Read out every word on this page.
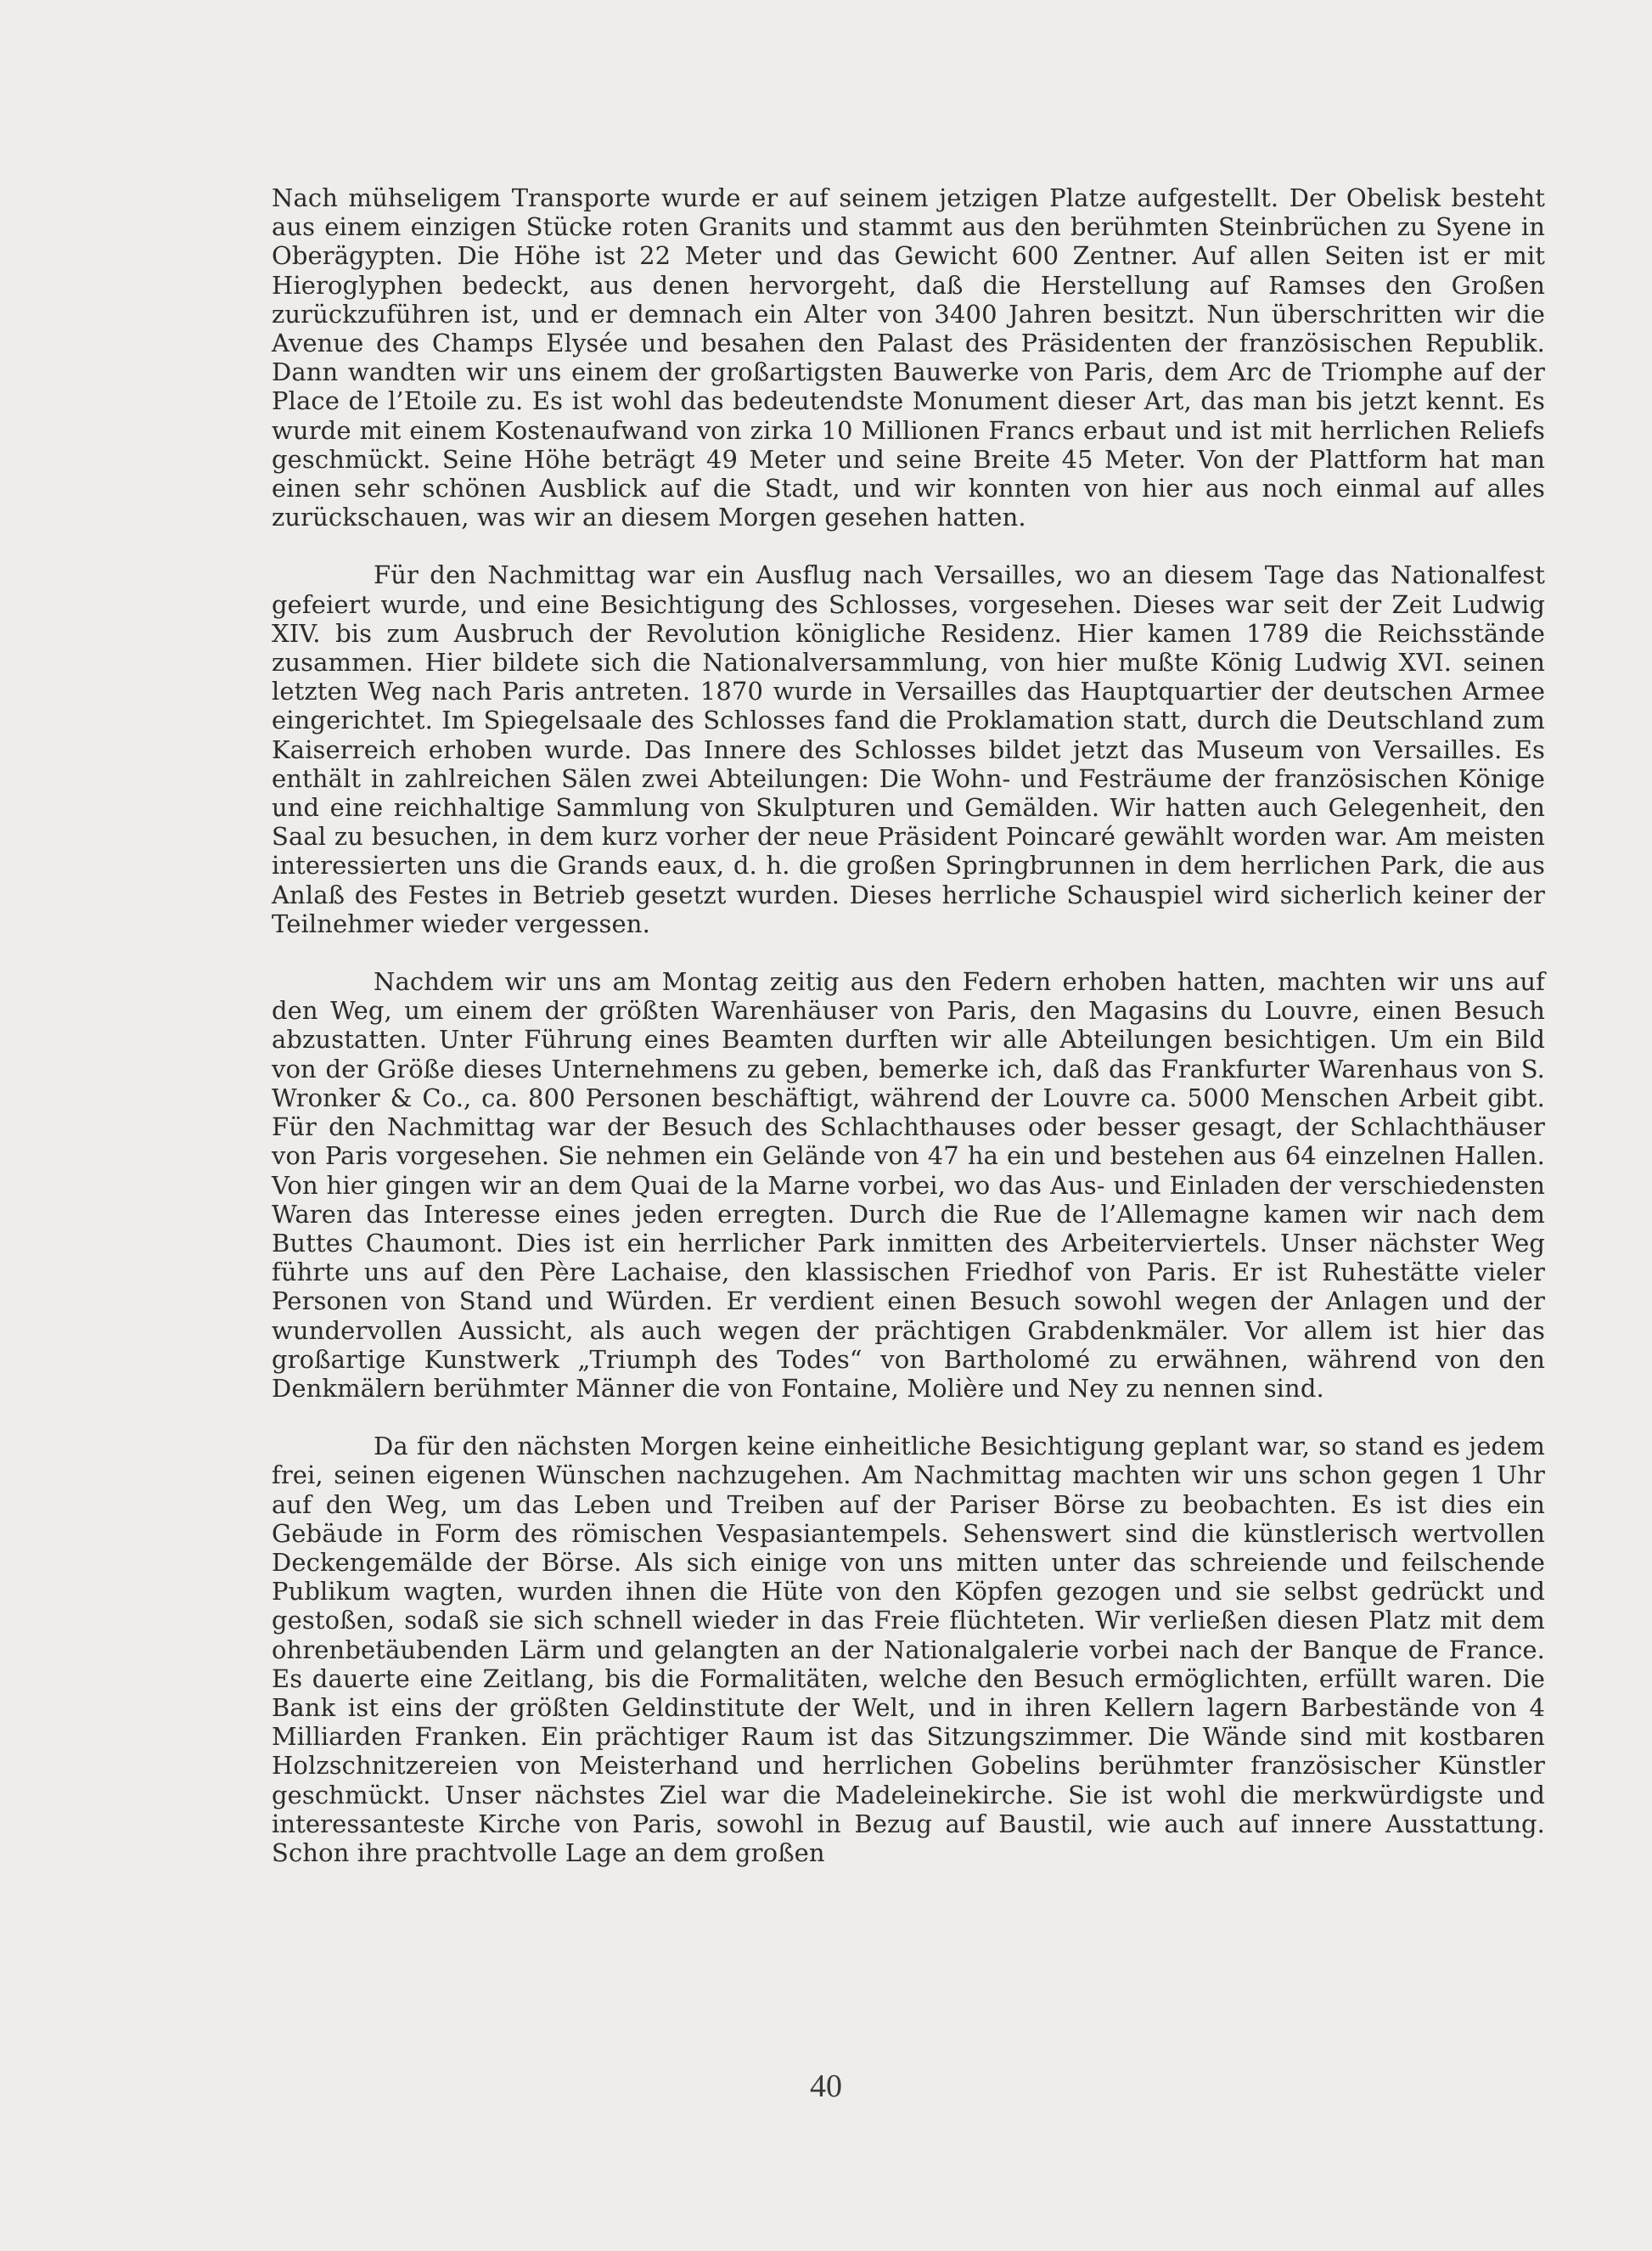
Nach mühseligem Transporte wurde er auf seinem jetzigen Platze aufgestellt. Der Obelisk besteht aus einem einzigen Stücke roten Granits und stammt aus den berühmten Steinbrüchen zu Syene in Oberägypten. Die Höhe ist 22 Meter und das Gewicht 600 Zentner. Auf allen Seiten ist er mit Hieroglyphen bedeckt, aus denen hervorgeht, daß die Herstellung auf Ramses den Großen zurückzuführen ist, und er demnach ein Alter von 3400 Jahren besitzt. Nun überschritten wir die Avenue des Champs Elysée und besahen den Palast des Präsidenten der französischen Republik. Dann wandten wir uns einem der großartigsten Bauwerke von Paris, dem Arc de Triomphe auf der Place de l’Etoile zu. Es ist wohl das bedeutendste Monument dieser Art, das man bis jetzt kennt. Es wurde mit einem Kostenaufwand von zirka 10 Millionen Francs erbaut und ist mit herrlichen Reliefs geschmückt. Seine Höhe beträgt 49 Meter und seine Breite 45 Meter. Von der Plattform hat man einen sehr schönen Ausblick auf die Stadt, und wir konnten von hier aus noch einmal auf alles zurückschauen, was wir an diesem Morgen gesehen hatten.

Für den Nachmittag war ein Ausflug nach Versailles, wo an diesem Tage das Nationalfest gefeiert wurde, und eine Besichtigung des Schlosses, vorgesehen. Dieses war seit der Zeit Ludwig XIV. bis zum Ausbruch der Revolution königliche Residenz. Hier kamen 1789 die Reichsstände zusammen. Hier bildete sich die Nationalversammlung, von hier mußte König Ludwig XVI. seinen letzten Weg nach Paris antreten. 1870 wurde in Versailles das Hauptquartier der deutschen Armee eingerichtet. Im Spiegelsaale des Schlosses fand die Proklamation statt, durch die Deutschland zum Kaiserreich erhoben wurde. Das Innere des Schlosses bildet jetzt das Museum von Versailles. Es enthält in zahlreichen Sälen zwei Abteilungen: Die Wohn- und Festräume der französischen Könige und eine reichhaltige Sammlung von Skulpturen und Gemälden. Wir hatten auch Gelegenheit, den Saal zu besuchen, in dem kurz vorher der neue Präsident Poincaré gewählt worden war. Am meisten interessierten uns die Grands eaux, d. h. die großen Springbrunnen in dem herrlichen Park, die aus Anlaß des Festes in Betrieb gesetzt wurden. Dieses herrliche Schauspiel wird sicherlich keiner der Teilnehmer wieder vergessen.

Nachdem wir uns am Montag zeitig aus den Federn erhoben hatten, machten wir uns auf den Weg, um einem der größten Warenhäuser von Paris, den Magasins du Louvre, einen Besuch abzustatten. Unter Führung eines Beamten durften wir alle Abteilungen besichtigen. Um ein Bild von der Größe dieses Unternehmens zu geben, bemerke ich, daß das Frankfurter Warenhaus von S. Wronker & Co., ca. 800 Personen beschäftigt, während der Louvre ca. 5000 Menschen Arbeit gibt. Für den Nachmittag war der Besuch des Schlachthauses oder besser gesagt, der Schlachthäuser von Paris vorgesehen. Sie nehmen ein Gelände von 47 ha ein und bestehen aus 64 einzelnen Hallen. Von hier gingen wir an dem Quai de la Marne vorbei, wo das Aus- und Einladen der verschiedensten Waren das Interesse eines jeden erregten. Durch die Rue de l’Allemagne kamen wir nach dem Buttes Chaumont. Dies ist ein herrlicher Park inmitten des Arbeiterviertels. Unser nächster Weg führte uns auf den Père Lachaise, den klassischen Friedhof von Paris. Er ist Ruhestätte vieler Personen von Stand und Würden. Er verdient einen Besuch sowohl wegen der Anlagen und der wundervollen Aussicht, als auch wegen der prächtigen Grabdenkmäler. Vor allem ist hier das großartige Kunstwerk „Triumph des Todes“ von Bartholomé zu erwähnen, während von den Denkmälern berühmter Männer die von Fontaine, Molière und Ney zu nennen sind.

Da für den nächsten Morgen keine einheitliche Besichtigung geplant war, so stand es jedem frei, seinen eigenen Wünschen nachzugehen. Am Nachmittag machten wir uns schon gegen 1 Uhr auf den Weg, um das Leben und Treiben auf der Pariser Börse zu beobachten. Es ist dies ein Gebäude in Form des römischen Vespasiantempels. Sehenswert sind die künstlerisch wertvollen Deckengemälde der Börse. Als sich einige von uns mitten unter das schreiende und feilschende Publikum wagten, wurden ihnen die Hüte von den Köpfen gezogen und sie selbst gedrückt und gestoßen, sodaß sie sich schnell wieder in das Freie flüchteten. Wir verließen diesen Platz mit dem ohrenbetäubenden Lärm und gelangten an der Nationalgalerie vorbei nach der Banque de France. Es dauerte eine Zeitlang, bis die Formalitäten, welche den Besuch ermöglichten, erfüllt waren. Die Bank ist eins der größten Geldinstitute der Welt, und in ihren Kellern lagern Barbestände von 4 Milliarden Franken. Ein prächtiger Raum ist das Sitzungszimmer. Die Wände sind mit kostbaren Holzschnitzereien von Meisterhand und herrlichen Gobelins berühmter französischer Künstler geschmückt. Unser nächstes Ziel war die Madeleinekirche. Sie ist wohl die merkwürdigste und interessanteste Kirche von Paris, sowohl in Bezug auf Baustil, wie auch auf innere Ausstattung. Schon ihre prachtvolle Lage an dem großen

40
